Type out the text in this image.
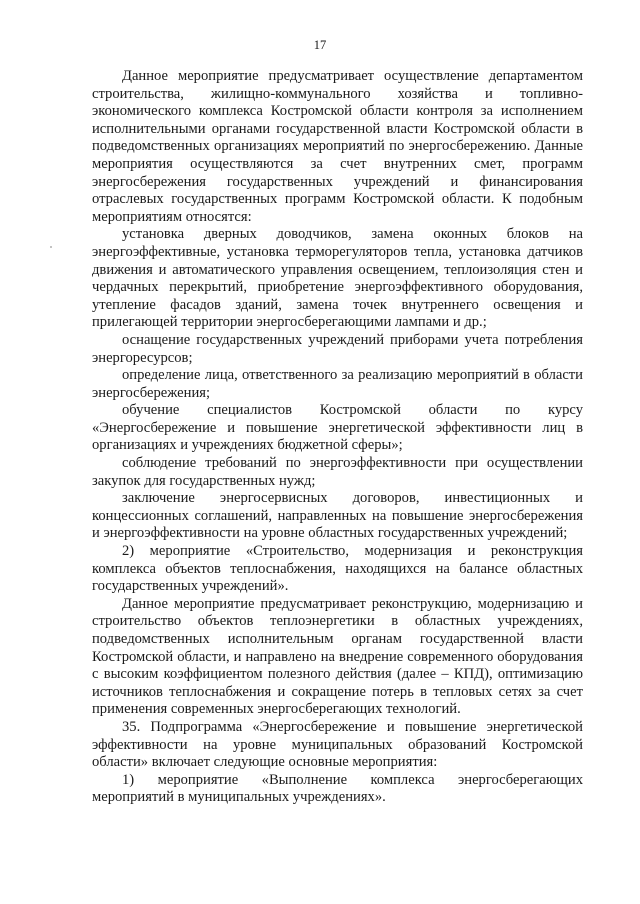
17

Данное мероприятие предусматривает осуществление департаментом строительства, жилищно-коммунального хозяйства и топливно-экономического комплекса Костромской области контроля за исполнением исполнительными органами государственной власти Костромской области в подведомственных организациях мероприятий по энергосбережению. Данные мероприятия осуществляются за счет внутренних смет, программ энергосбережения государственных учреждений и финансирования отраслевых государственных программ Костромской области. К подобным мероприятиям относятся:

установка дверных доводчиков, замена оконных блоков на энергоэффективные, установка терморегуляторов тепла, установка датчиков движения и автоматического управления освещением, теплоизоляция стен и чердачных перекрытий, приобретение энергоэффективного оборудования, утепление фасадов зданий, замена точек внутреннего освещения и прилегающей территории энергосберегающими лампами и др.;

оснащение государственных учреждений приборами учета потребления энергоресурсов;

определение лица, ответственного за реализацию мероприятий в области энергосбережения;

обучение специалистов Костромской области по курсу «Энергосбережение и повышение энергетической эффективности лиц в организациях и учреждениях бюджетной сферы»;

соблюдение требований по энергоэффективности при осуществлении закупок для государственных нужд;

заключение энергосервисных договоров, инвестиционных и концессионных соглашений, направленных на повышение энергосбережения и энергоэффективности на уровне областных государственных учреждений;

2) мероприятие «Строительство, модернизация и реконструкция комплекса объектов теплоснабжения, находящихся на балансе областных государственных учреждений».

Данное мероприятие предусматривает реконструкцию, модернизацию и строительство объектов теплоэнергетики в областных учреждениях, подведомственных исполнительным органам государственной власти Костромской области, и направлено на внедрение современного оборудования с высоким коэффициентом полезного действия (далее – КПД), оптимизацию источников теплоснабжения и сокращение потерь в тепловых сетях за счет применения современных энергосберегающих технологий.

35. Подпрограмма «Энергосбережение и повышение энергетической эффективности на уровне муниципальных образований Костромской области» включает следующие основные мероприятия:

1) мероприятие «Выполнение комплекса энергосберегающих мероприятий в муниципальных учреждениях».
